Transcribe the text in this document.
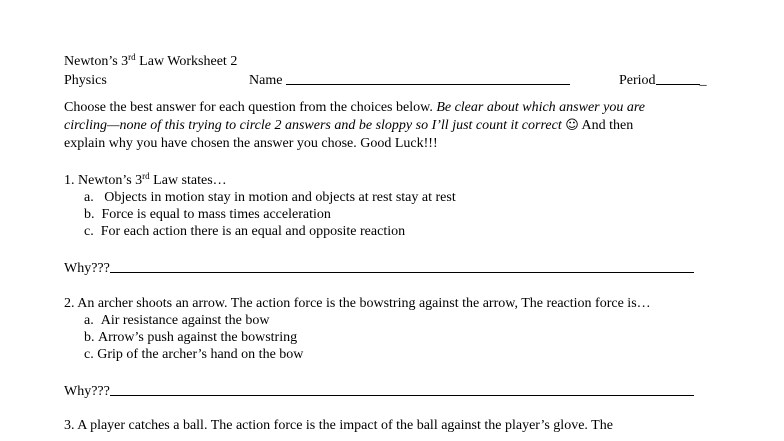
Newton’s 3rd Law Worksheet 2
Physics	Name	Period	_
Choose the best answer for each question from the choices below. Be clear about which answer you are
circling—none of this trying to circle 2 answers and be sloppy so I’ll just count it correct ☺ And then
explain why you have chosen the answer you chose. Good Luck!!!
1. Newton’s 3rd Law states…
a. Objects in motion stay in motion and objects at rest stay at rest
b. Force is equal to mass times acceleration
c. For each action there is an equal and opposite reaction
Why???
2. An archer shoots an arrow. The action force is the bowstring against the arrow, The reaction force is…
a. Air resistance against the bow
b. Arrow’s push against the bowstring
c. Grip of the archer’s hand on the bow
Why???
3. A player catches a ball. The action force is the impact of the ball against the player’s glove. The
